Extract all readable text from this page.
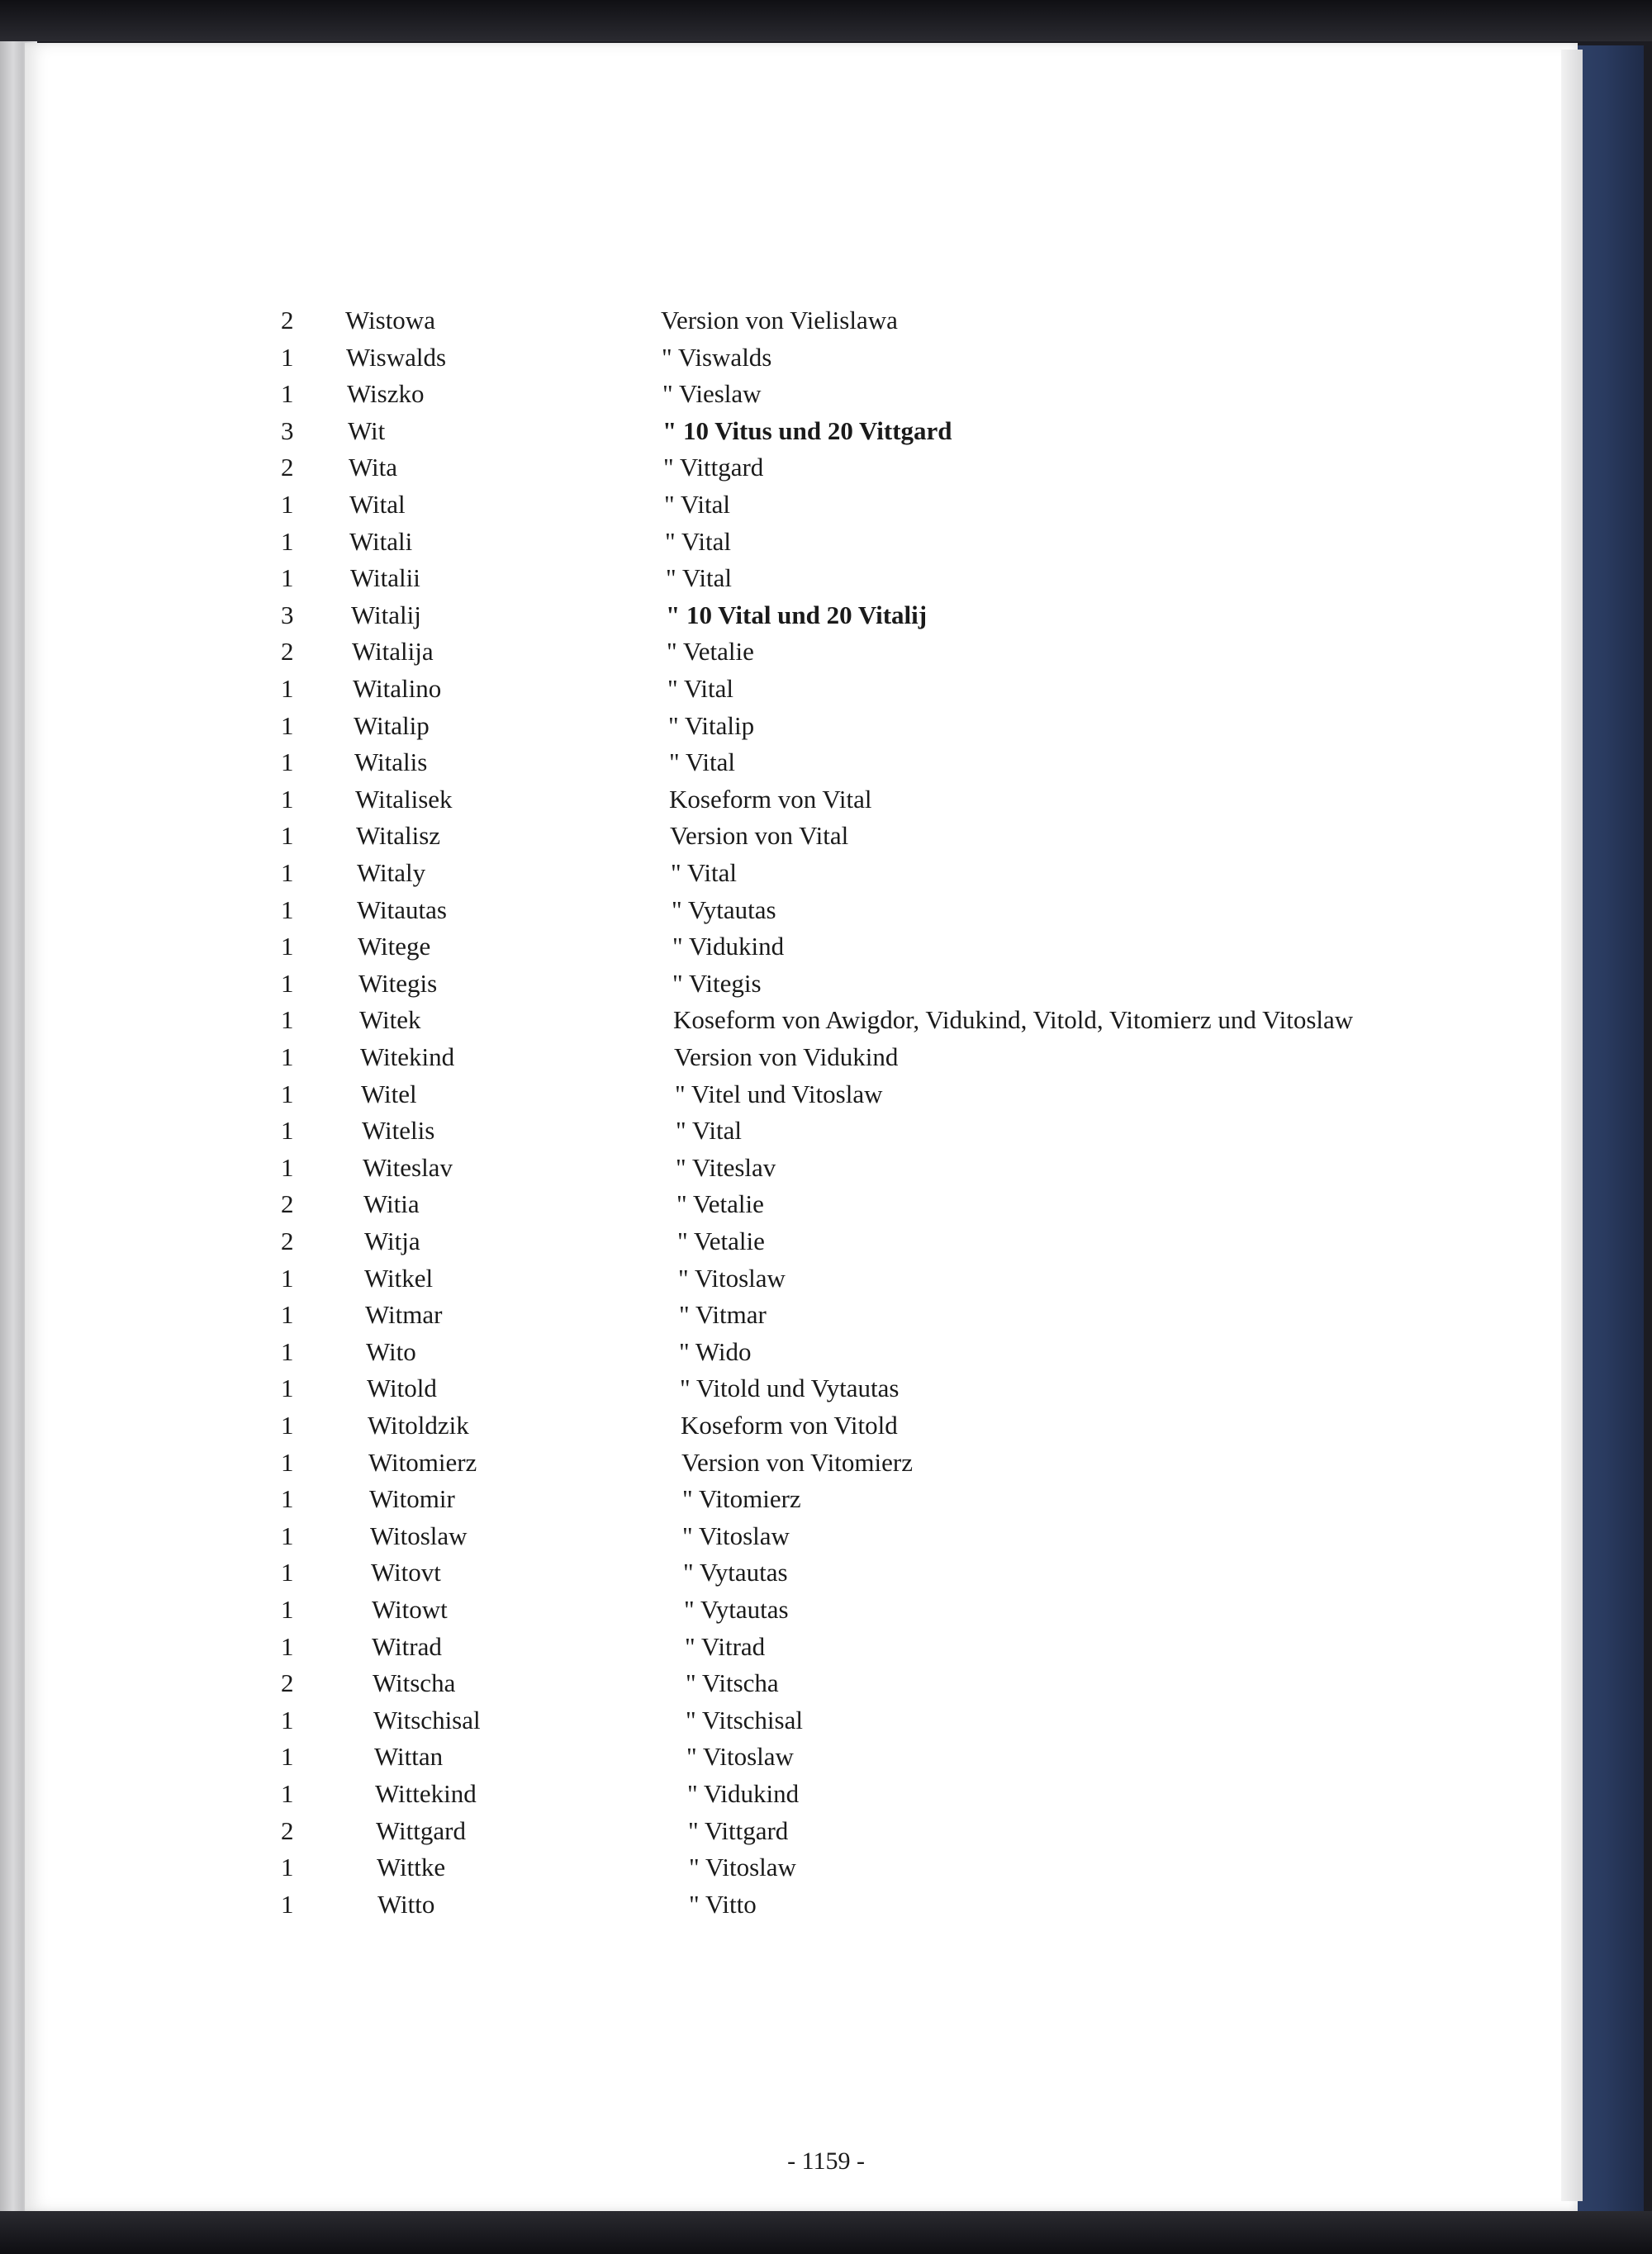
2 Wistowa	Version von Vielislawa
1 Wiswalds	" Viswalds
1 Wiszko	" Vieslaw
3 Wit	" 10 Vitus und 20 Vittgard
2 Wita	" Vittgard
1 Wital	" Vital
1 Witali	" Vital
1 Witalii	" Vital
3 Witalij	" 10 Vital und 20 Vitalij
2 Witalija	" Vetalie
1 Witalino	" Vital
1 Witalip	" Vitalip
1 Witalis	" Vital
1 Witalisek	Koseform von Vital
1 Witalisz	Version von Vital
1 Witaly	" Vital
1 Witautas	" Vytautas
1	Witege	" Vidukind
1	Witegis	" Vitegis
1	Witek	Koseform von Awigdor, Vidukind, Vitold, Vitomierz und Vitoslaw
1	Witekind	Version von Vidukind
1	Witel	" Vitel und Vitoslaw
1	Witelis	" Vital
1	Witeslav	" Viteslav
2	Witia	" Vetalie
2	Witja	" Vetalie
1	Witkel	" Vitoslaw
1	Witmar	" Vitmar
1	Wito	" Wido
1	Witold	" Vitold und Vytautas
1	Witoldzik	Koseform von Vitold
1	Witomierz	Version von Vitomierz
1	Witomir	" Vitomierz
1	Witoslaw	" Vitoslaw
1	Witovt	" Vytautas
1	Witowt	" Vytautas
1	Witrad	" Vitrad
2	Witscha	" Vitscha
1	Witschisal	" Vitschisal
1	Wittan	" Vitoslaw
1	Wittekind	" Vidukind
2	Wittgard	" Vittgard
1	Wittke	" Vitoslaw
1	Witto	" Vitto
- 1159 -
